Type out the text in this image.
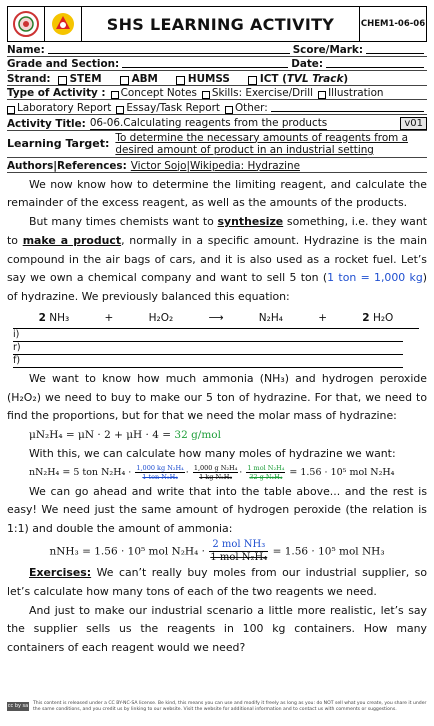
SHS LEARNING ACTIVITY	CHEM1-06-06
Name:	Score/Mark:
Grade and Section:	Date:
Strand: STEM	ABM	HUMSS	ICT (TVL Track)
Type of Activity : Concept Notes Skills: Exercise/Drill Illustration
Laboratory Report Essay/Task Report Other:
Activity Title: 06-06.Calculating reagents from the products	v01
Learning Target: To determine the necessary amounts of reagents from a desired amount of product in an industrial setting
Authors|References: Victor Sojo | Wikipedia: Hydrazine

We now know how to determine the limiting reagent, and calculate the remainder of the excess reagent, as well as the amounts of the products.

But many times chemists want to synthesize something, i.e. they want to make a product, normally in a specific amount. Hydrazine is the main compound in the air bags of cars, and it is also used as a rocket fuel. Let’s say we own a chemical company and want to sell 5 ton (1 ton = 1,000 kg) of hydrazine. We previously balanced this equation:

2 NH₃	+	H₂O₂	⟶	N₂H₄	+	2 H₂O
i)
r)
f)

We want to know how much ammonia (NH₃) and hydrogen peroxide (H₂O₂) we need to buy to make our 5 ton of hydrazine. For that, we need to find the proportions, but for that we need the molar mass of hydrazine:

μN₂H₄ = μN · 2 + μH · 4 = 32 g/mol

With this, we can calculate how many moles of hydrazine we want:

nN₂H₄ = 5 ton $N_2H_4 \cdot \frac{\text{1,000 kg N₂H₄}}{\text{1 ton N₂H₄}} \cdot \frac{\text{1,000 g N₂H₄}}{\text{1 kg N₂H₄}} \cdot \frac{\text{1 mol N₂H₄}}{\text{32 g N₂H₄}} = 1.56 \cdot 10^5$ mol N₂H₄

We can go ahead and write that into the table above... and the rest is easy! We need just the same amount of hydrogen peroxide (the relation is 1:1) and double the amount of ammonia:

nNH₃ = 1.56 · 10⁵ mol $N_2H_4 \cdot \frac{\text{2 mol NH₃}}{\text{1 mol N₂H₄}} = 1.56 \cdot 10^5$ mol NH₃

Exercises: We can’t really buy moles from our industrial supplier, so let’s calculate how many tons of each of the two reagents we need.

And just to make our industrial scenario a little more realistic, let’s say the supplier sells us the reagents in 100 kg containers. How many containers of each reagent would we need?

cc by sa This content is released under a CC BY-NC-SA license. Be kind, this means you can use and modify it freely as long as you: do NOT sell what you create, you share it under the same conditions, and you credit us by linking to our website. Visit the website for additional information and to contact us with comments or suggestions.
